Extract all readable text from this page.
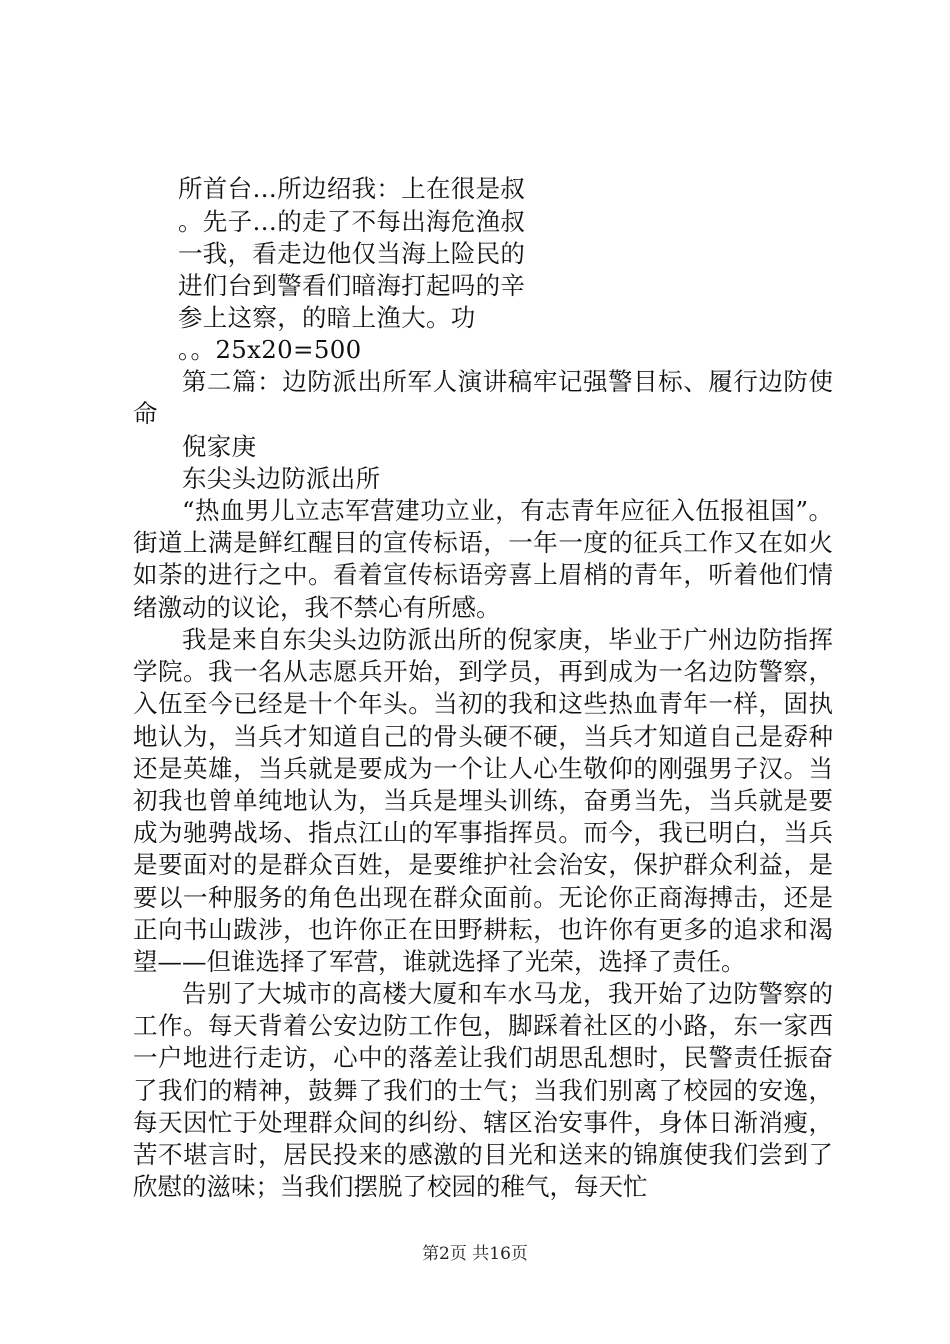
所首台…所边绍我：上在很是叔
。先子…的走了不每出海危渔叔
一我，看走边他仅当海上险民的
进们台到警看们暗海打起吗的辛
参上这察，的暗上渔大。功
。。25x20=500

第二篇：边防派出所军人演讲稿牢记强警目标、履行边防使命

倪家庚
东尖头边防派出所

“热血男儿立志军营建功立业，有志青年应征入伍报祖国”。街道上满是鲜红醒目的宣传标语，一年一度的征兵工作又在如火如荼的进行之中。看着宣传标语旁喜上眉梢的青年，听着他们情绪激动的议论，我不禁心有所感。

我是来自东尖头边防派出所的倪家庚，毕业于广州边防指挥学院。我一名从志愿兵开始，到学员，再到成为一名边防警察，入伍至今已经是十个年头。当初的我和这些热血青年一样，固执地认为，当兵才知道自己的骨头硬不硬，当兵才知道自己是孬种还是英雄，当兵就是要成为一个让人心生敬仰的刚强男子汉。当初我也曾单纯地认为，当兵是埋头训练，奋勇当先，当兵就是要成为驰骋战场、指点江山的军事指挥员。而今，我已明白，当兵是要面对的是群众百姓，是要维护社会治安，保护群众利益，是要以一种服务的角色出现在群众面前。无论你正商海搏击，还是正向书山跋涉，也许你正在田野耕耘，也许你有更多的追求和渴望——但谁选择了军营，谁就选择了光荣，选择了责任。

告别了大城市的高楼大厦和车水马龙，我开始了边防警察的工作。每天背着公安边防工作包，脚踩着社区的小路，东一家西一户地进行走访，心中的落差让我们胡思乱想时，民警责任振奋了我们的精神，鼓舞了我们的士气；当我们别离了校园的安逸，每天因忙于处理群众间的纠纷、辖区治安事件，身体日渐消瘦，苦不堪言时，居民投来的感激的目光和送来的锦旗使我们尝到了欣慰的滋味；当我们摆脱了校园的稚气，每天忙

第2页 共16页
